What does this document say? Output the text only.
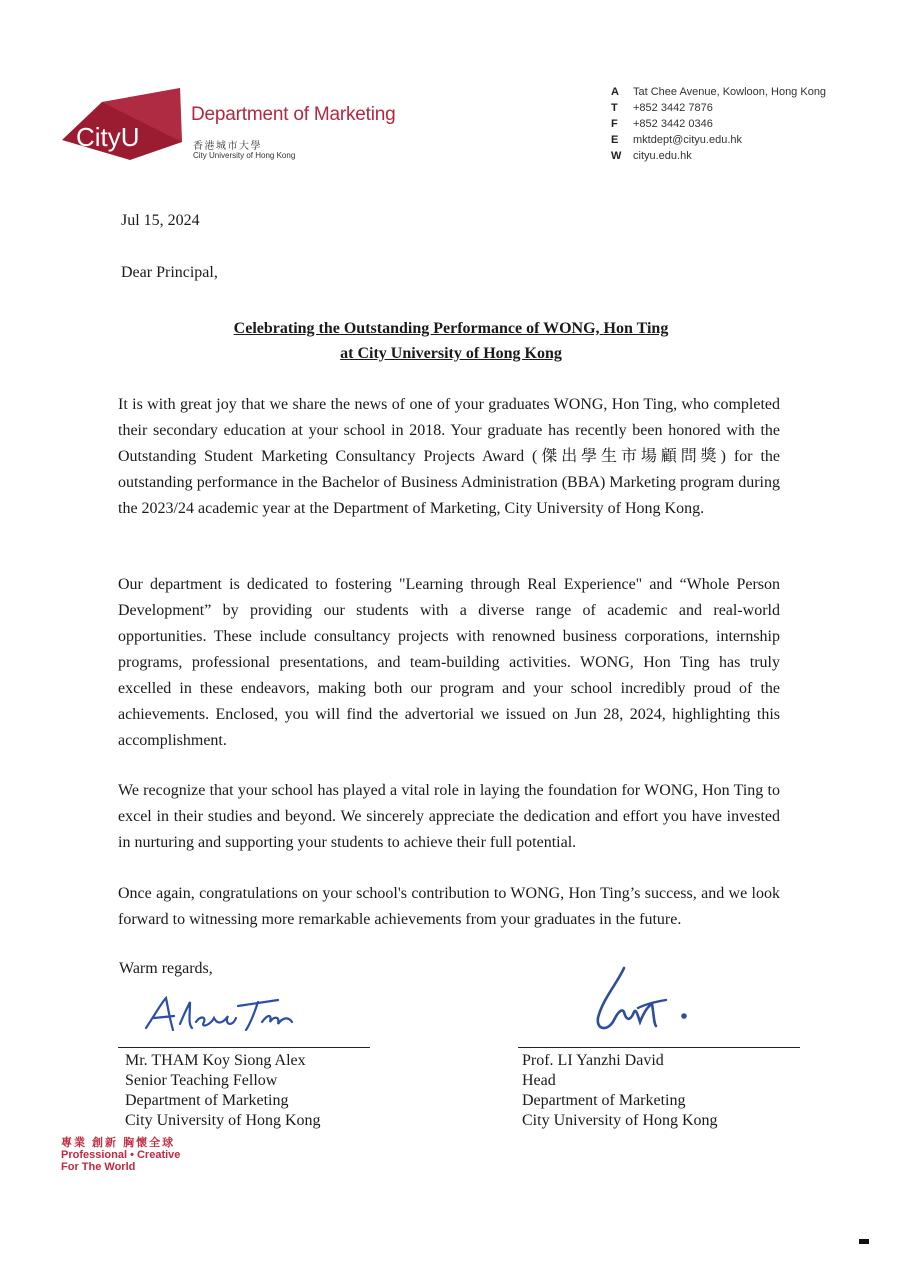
CityU
Department of Marketing
香港城市大學
City University of Hong Kong
A Tat Chee Avenue, Kowloon, Hong Kong
T +852 3442 7876
F +852 3442 0346
E mktdept@cityu.edu.hk
W cityu.edu.hk
Jul 15, 2024
Dear Principal,
Celebrating the Outstanding Performance of WONG, Hon Ting
at City University of Hong Kong

It is with great joy that we share the news of one of your graduates WONG, Hon Ting, who completed their secondary education at your school in 2018. Your graduate has recently been honored with the Outstanding Student Marketing Consultancy Projects Award (傑出學生市場顧問獎) for the outstanding performance in the Bachelor of Business Administration (BBA) Marketing program during the 2023/24 academic year at the Department of Marketing, City University of Hong Kong.

Our department is dedicated to fostering "Learning through Real Experience" and “Whole Person Development” by providing our students with a diverse range of academic and real-world opportunities. These include consultancy projects with renowned business corporations, internship programs, professional presentations, and team-building activities. WONG, Hon Ting has truly excelled in these endeavors, making both our program and your school incredibly proud of the achievements. Enclosed, you will find the advertorial we issued on Jun 28, 2024, highlighting this accomplishment.

We recognize that your school has played a vital role in laying the foundation for WONG, Hon Ting to excel in their studies and beyond. We sincerely appreciate the dedication and effort you have invested in nurturing and supporting your students to achieve their full potential.

Once again, congratulations on your school's contribution to WONG, Hon Ting’s success, and we look forward to witnessing more remarkable achievements from your graduates in the future.

Warm regards,
Mr. THAM Koy Siong Alex
Senior Teaching Fellow
Department of Marketing
City University of Hong Kong
Prof. LI Yanzhi David
Head
Department of Marketing
City University of Hong Kong
專業 創新 胸懷全球
Professional • Creative
For The World
